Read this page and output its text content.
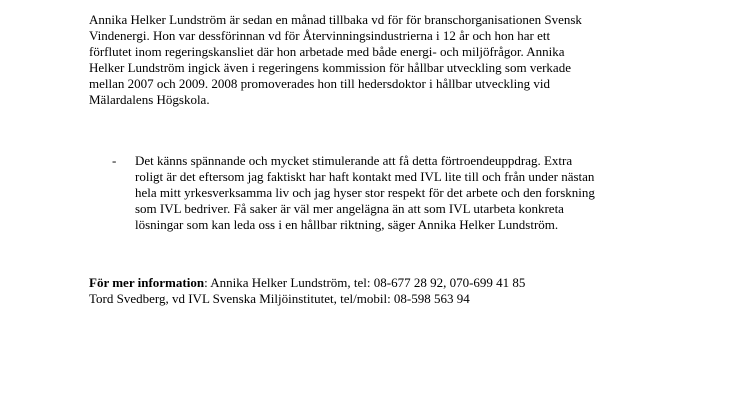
Annika Helker Lundström är sedan en månad tillbaka vd för för branschorganisationen Svensk
Vindenergi. Hon var dessförinnan vd för Återvinningsindustrierna i 12 år och hon har ett
förflutet inom regeringskansliet där hon arbetade med både energi- och miljöfrågor. Annika
Helker Lundström ingick även i regeringens kommission för hållbar utveckling som verkade
mellan 2007 och 2009. 2008 promoverades hon till hedersdoktor i hållbar utveckling vid
Mälardalens Högskola.
- Det känns spännande och mycket stimulerande att få detta förtroendeuppdrag. Extra
roligt är det eftersom jag faktiskt har haft kontakt med IVL lite till och från under nästan
hela mitt yrkesverksamma liv och jag hyser stor respekt för det arbete och den forskning
som IVL bedriver. Få saker är väl mer angelägna än att som IVL utarbeta konkreta
lösningar som kan leda oss i en hållbar riktning, säger Annika Helker Lundström.
För mer information: Annika Helker Lundström, tel: 08-677 28 92, 070-699 41 85
Tord Svedberg, vd IVL Svenska Miljöinstitutet, tel/mobil: 08-598 563 94
